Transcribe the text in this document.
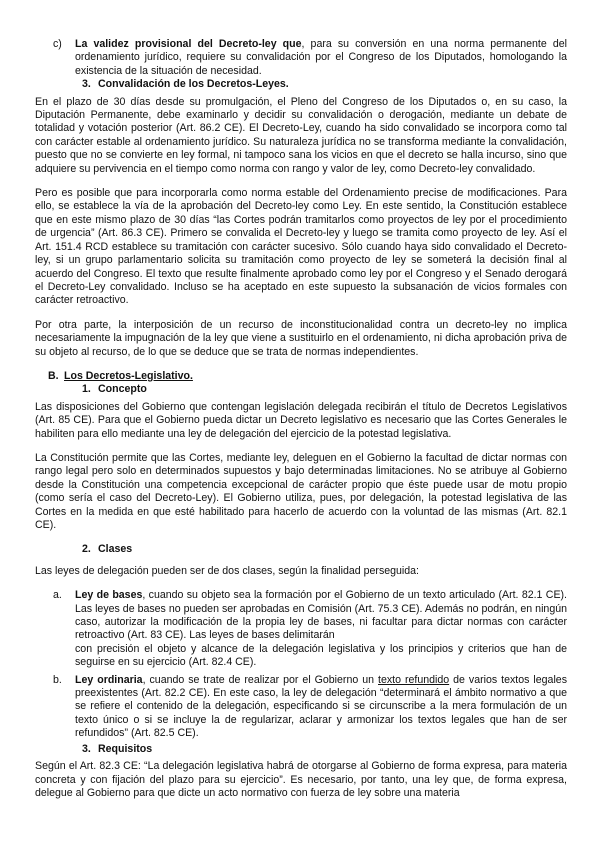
c)	La validez provisional del Decreto-ley que, para su conversión en una norma permanente del ordenamiento jurídico, requiere su convalidación por el Congreso de los Diputados, homologando la existencia de la situación de necesidad.
3. Convalidación de los Decretos-Leyes.

En el plazo de 30 días desde su promulgación, el Pleno del Congreso de los Diputados o, en su caso, la Diputación Permanente, debe examinarlo y decidir su convalidación o derogación, mediante un debate de totalidad y votación posterior (Art. 86.2 CE). El Decreto-Ley, cuando ha sido convalidado se incorpora como tal con carácter estable al ordenamiento jurídico. Su naturaleza jurídica no se transforma mediante la convalidación, puesto que no se convierte en ley formal, ni tampoco sana los vicios en que el decreto se halla incurso, sino que adquiere su pervivencia en el tiempo como norma con rango y valor de ley, como Decreto-ley convalidado.

Pero es posible que para incorporarla como norma estable del Ordenamiento precise de modificaciones. Para ello, se establece la vía de la aprobación del Decreto-ley como Ley. En este sentido, la Constitución establece que en este mismo plazo de 30 días “las Cortes podrán tramitarlos como proyectos de ley por el procedimiento de urgencia” (Art. 86.3 CE). Primero se convalida el Decreto-ley y luego se tramita como proyecto de ley. Así el Art. 151.4 RCD establece su tramitación con carácter sucesivo. Sólo cuando haya sido convalidado el Decreto-ley, si un grupo parlamentario solicita su tramitación como proyecto de ley se someterá la decisión final al acuerdo del Congreso. El texto que resulte finalmente aprobado como ley por el Congreso y el Senado derogará el Decreto-Ley convalidado. Incluso se ha aceptado en este supuesto la subsanación de vicios formales con carácter retroactivo.

Por otra parte, la interposición de un recurso de inconstitucionalidad contra un decreto-ley no implica necesariamente la impugnación de la ley que viene a sustituirlo en el ordenamiento, ni dicha aprobación priva de su objeto al recurso, de lo que se deduce que se trata de normas independientes.

B. Los Decretos-Legislativo.
1. Concepto

Las disposiciones del Gobierno que contengan legislación delegada recibirán el título de Decretos Legislativos (Art. 85 CE). Para que el Gobierno pueda dictar un Decreto legislativo es necesario que las Cortes Generales le habiliten para ello mediante una ley de delegación del ejercicio de la potestad legislativa.

La Constitución permite que las Cortes, mediante ley, deleguen en el Gobierno la facultad de dictar normas con rango legal pero solo en determinados supuestos y bajo determinadas limitaciones. No se atribuye al Gobierno desde la Constitución una competencia excepcional de carácter propio que éste puede usar de motu propio (como sería el caso del Decreto-Ley). El Gobierno utiliza, pues, por delegación, la potestad legislativa de las Cortes en la medida en que esté habilitado para hacerlo de acuerdo con la voluntad de las mismas (Art. 82.1 CE).

2. Clases

Las leyes de delegación pueden ser de dos clases, según la finalidad perseguida:

a.	Ley de bases, cuando su objeto sea la formación por el Gobierno de un texto articulado (Art. 82.1 CE). Las leyes de bases no pueden ser aprobadas en Comisión (Art. 75.3 CE). Además no podrán, en ningún caso, autorizar la modificación de la propia ley de bases, ni facultar para dictar normas con carácter retroactivo (Art. 83 CE). Las leyes de bases delimitarán

con precisión el objeto y alcance de la delegación legislativa y los principios y criterios que han de seguirse en su ejercicio (Art. 82.4 CE).

b.	Ley ordinaria, cuando se trate de realizar por el Gobierno un texto refundido de varios textos legales preexistentes (Art. 82.2 CE). En este caso, la ley de delegación “determinará el ámbito normativo a que se refiere el contenido de la delegación, especificando si se circunscribe a la mera formulación de un texto único o si se incluye la de regularizar, aclarar y armonizar los textos legales que han de ser refundidos” (Art. 82.5 CE).
3. Requisitos

Según el Art. 82.3 CE: “La delegación legislativa habrá de otorgarse al Gobierno de forma expresa, para materia concreta y con fijación del plazo para su ejercicio”. Es necesario, por tanto, una ley que, de forma expresa, delegue al Gobierno para que dicte un acto normativo con fuerza de ley sobre una materia
